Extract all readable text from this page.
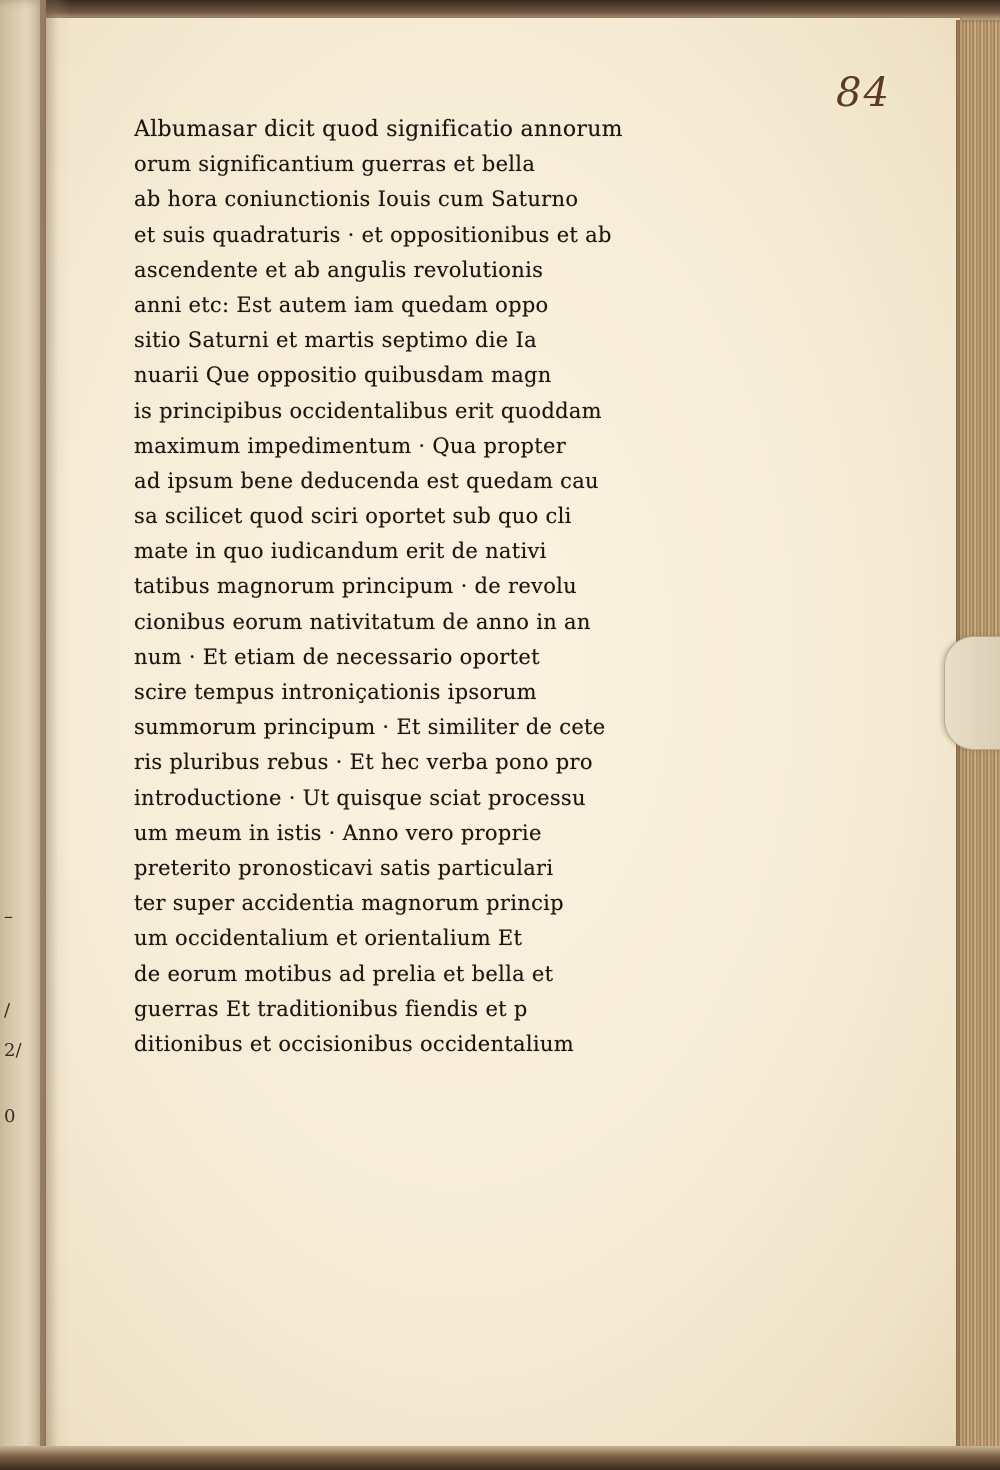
–
/
2/
0
84
Albumasar dicit quod significatio annorum
orum significantium guerras et bella
ab hora coniunctionis Iouis cum Saturno
et suis quadraturis · et oppositionibus et ab
ascendente et ab angulis revolutionis
anni etc: Est autem iam quedam oppo
sitio Saturni et martis septimo die Ia
nuarii Que oppositio quibusdam magn
is principibus occidentalibus erit quoddam
maximum impedimentum · Qua propter
ad ipsum bene deducenda est quedam cau
sa scilicet quod sciri oportet sub quo cli
mate in quo iudicandum erit de nativi
tatibus magnorum principum · de revolu
cionibus eorum nativitatum de anno in an
num · Et etiam de necessario oportet
scire tempus introniçationis ipsorum
summorum principum · Et similiter de cete
ris pluribus rebus · Et hec verba pono pro
introductione · Ut quisque sciat processu
um meum in istis · Anno vero proprie
preterito pronosticavi satis particulari
ter super accidentia magnorum princip
um occidentalium et orientalium Et
de eorum motibus ad prelia et bella et
guerras Et traditionibus fiendis et p
ditionibus et occisionibus occidentalium
